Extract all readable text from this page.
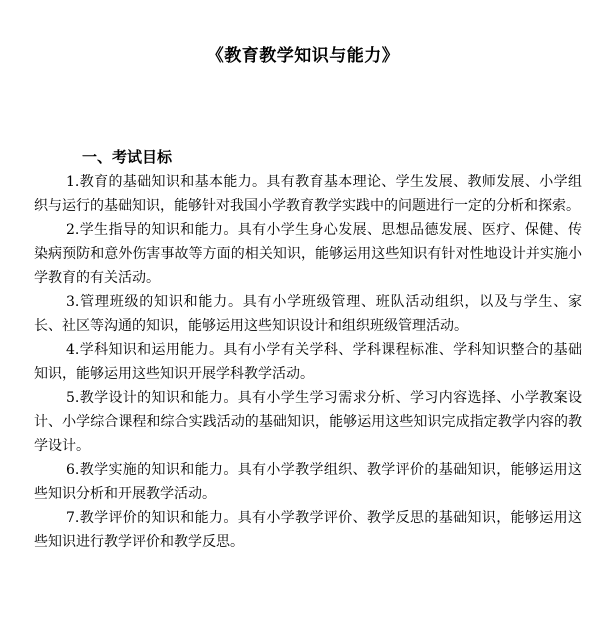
《教育教学知识与能力》
一、考试目标

1.教育的基础知识和基本能力。具有教育基本理论、学生发展、教师发展、小学组织与运行的基础知识，能够针对我国小学教育教学实践中的问题进行一定的分析和探索。

2.学生指导的知识和能力。具有小学生身心发展、思想品德发展、医疗、保健、传染病预防和意外伤害事故等方面的相关知识，能够运用这些知识有针对性地设计并实施小学教育的有关活动。

3.管理班级的知识和能力。具有小学班级管理、班队活动组织，以及与学生、家长、社区等沟通的知识，能够运用这些知识设计和组织班级管理活动。

4.学科知识和运用能力。具有小学有关学科、学科课程标准、学科知识整合的基础知识，能够运用这些知识开展学科教学活动。

5.教学设计的知识和能力。具有小学生学习需求分析、学习内容选择、小学教案设计、小学综合课程和综合实践活动的基础知识，能够运用这些知识完成指定教学内容的教学设计。

6.教学实施的知识和能力。具有小学教学组织、教学评价的基础知识，能够运用这些知识分析和开展教学活动。

7.教学评价的知识和能力。具有小学教学评价、教学反思的基础知识，能够运用这些知识进行教学评价和教学反思。
